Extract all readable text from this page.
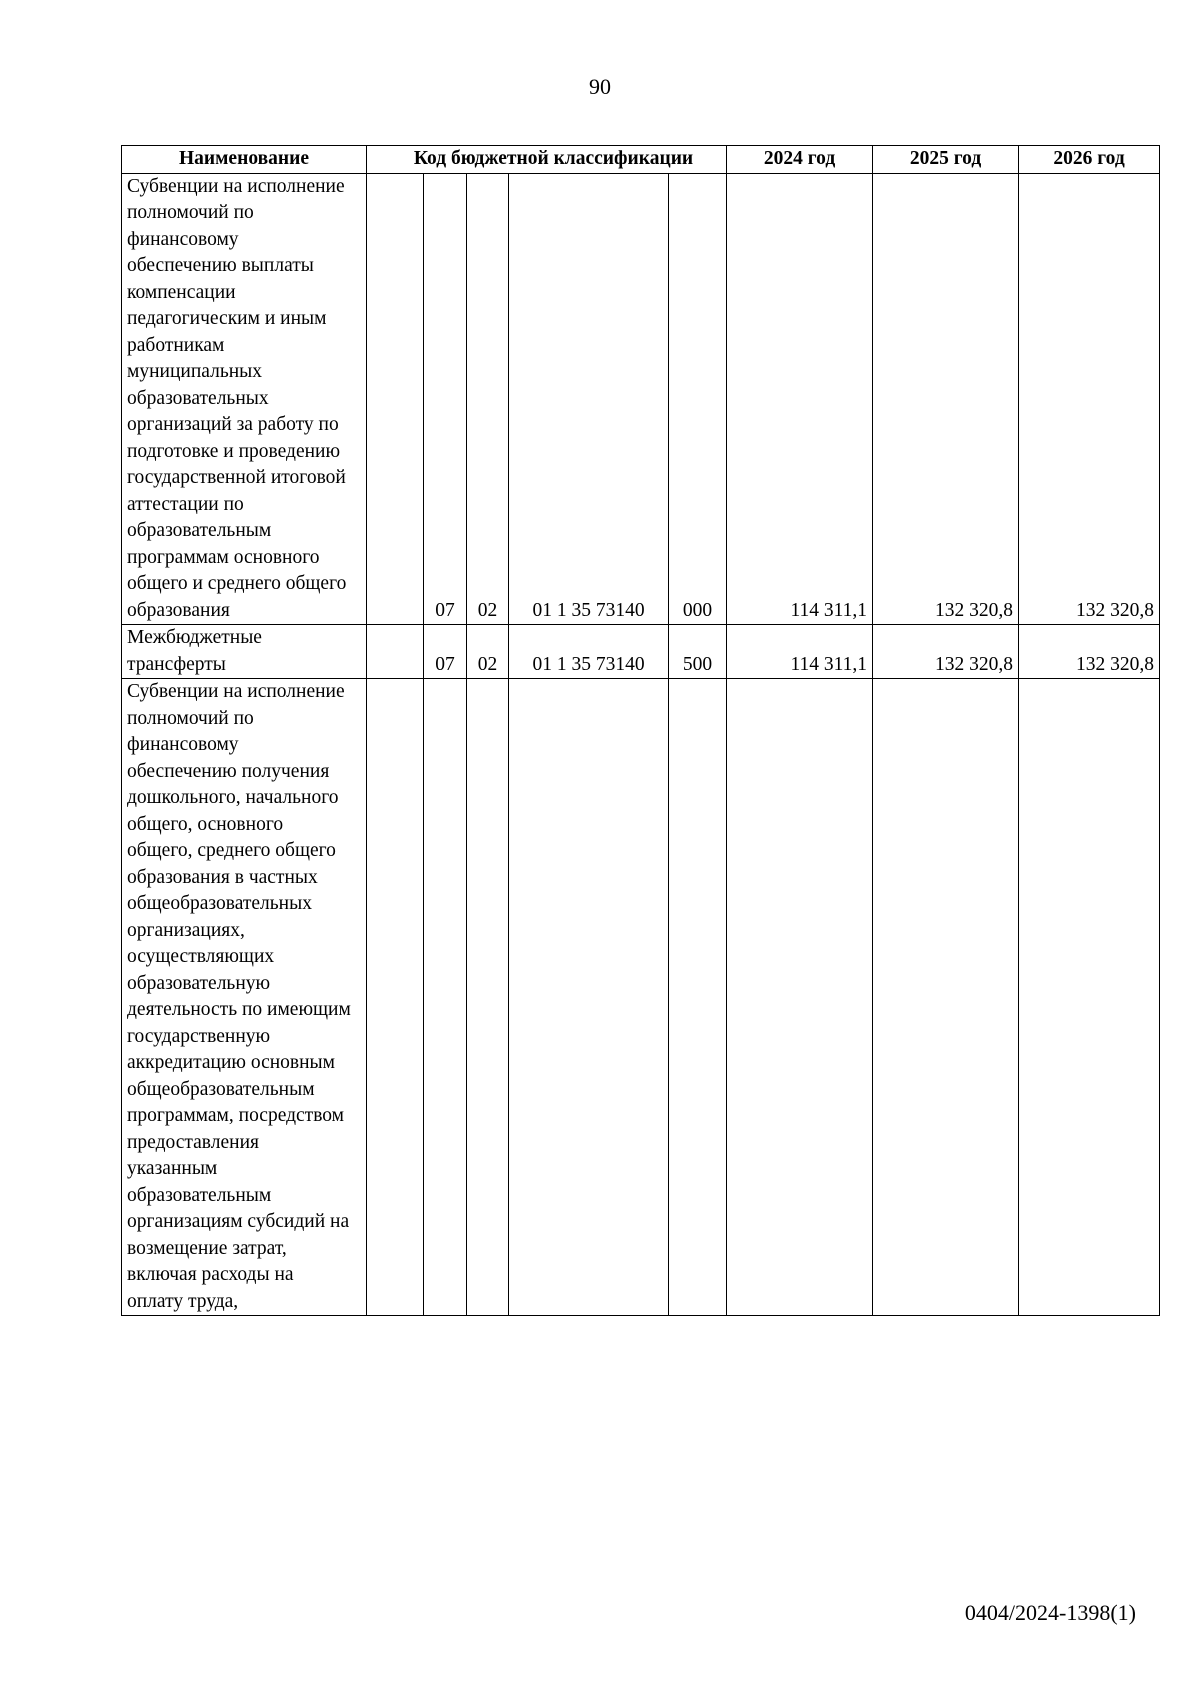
90
Наименование	Код бюджетной классификации					2024 год	2025 год	2026 год

Субвенции на исполнение полномочий по финансовому обеспечению выплаты компенсации педагогическим и иным работникам муниципальных образовательных организаций за работу по подготовке и проведению государственной итоговой аттестации по образовательным программам основного общего и среднего общего образования		07	02	01 1 35 73140	000	114 311,1	132 320,8	132 320,8

Межбюджетные трансферты		07	02	01 1 35 73140	500	114 311,1	132 320,8	132 320,8

Субвенции на исполнение полномочий по финансовому обеспечению получения дошкольного, начального общего, основного общего, среднего общего образования в частных общеобразовательных организациях, осуществляющих образовательную деятельность по имеющим государственную аккредитацию основным общеобразовательным программам, посредством предоставления указанным образовательным организациям субсидий на возмещение затрат, включая расходы на оплату труда,								

0404/2024-1398(1)
